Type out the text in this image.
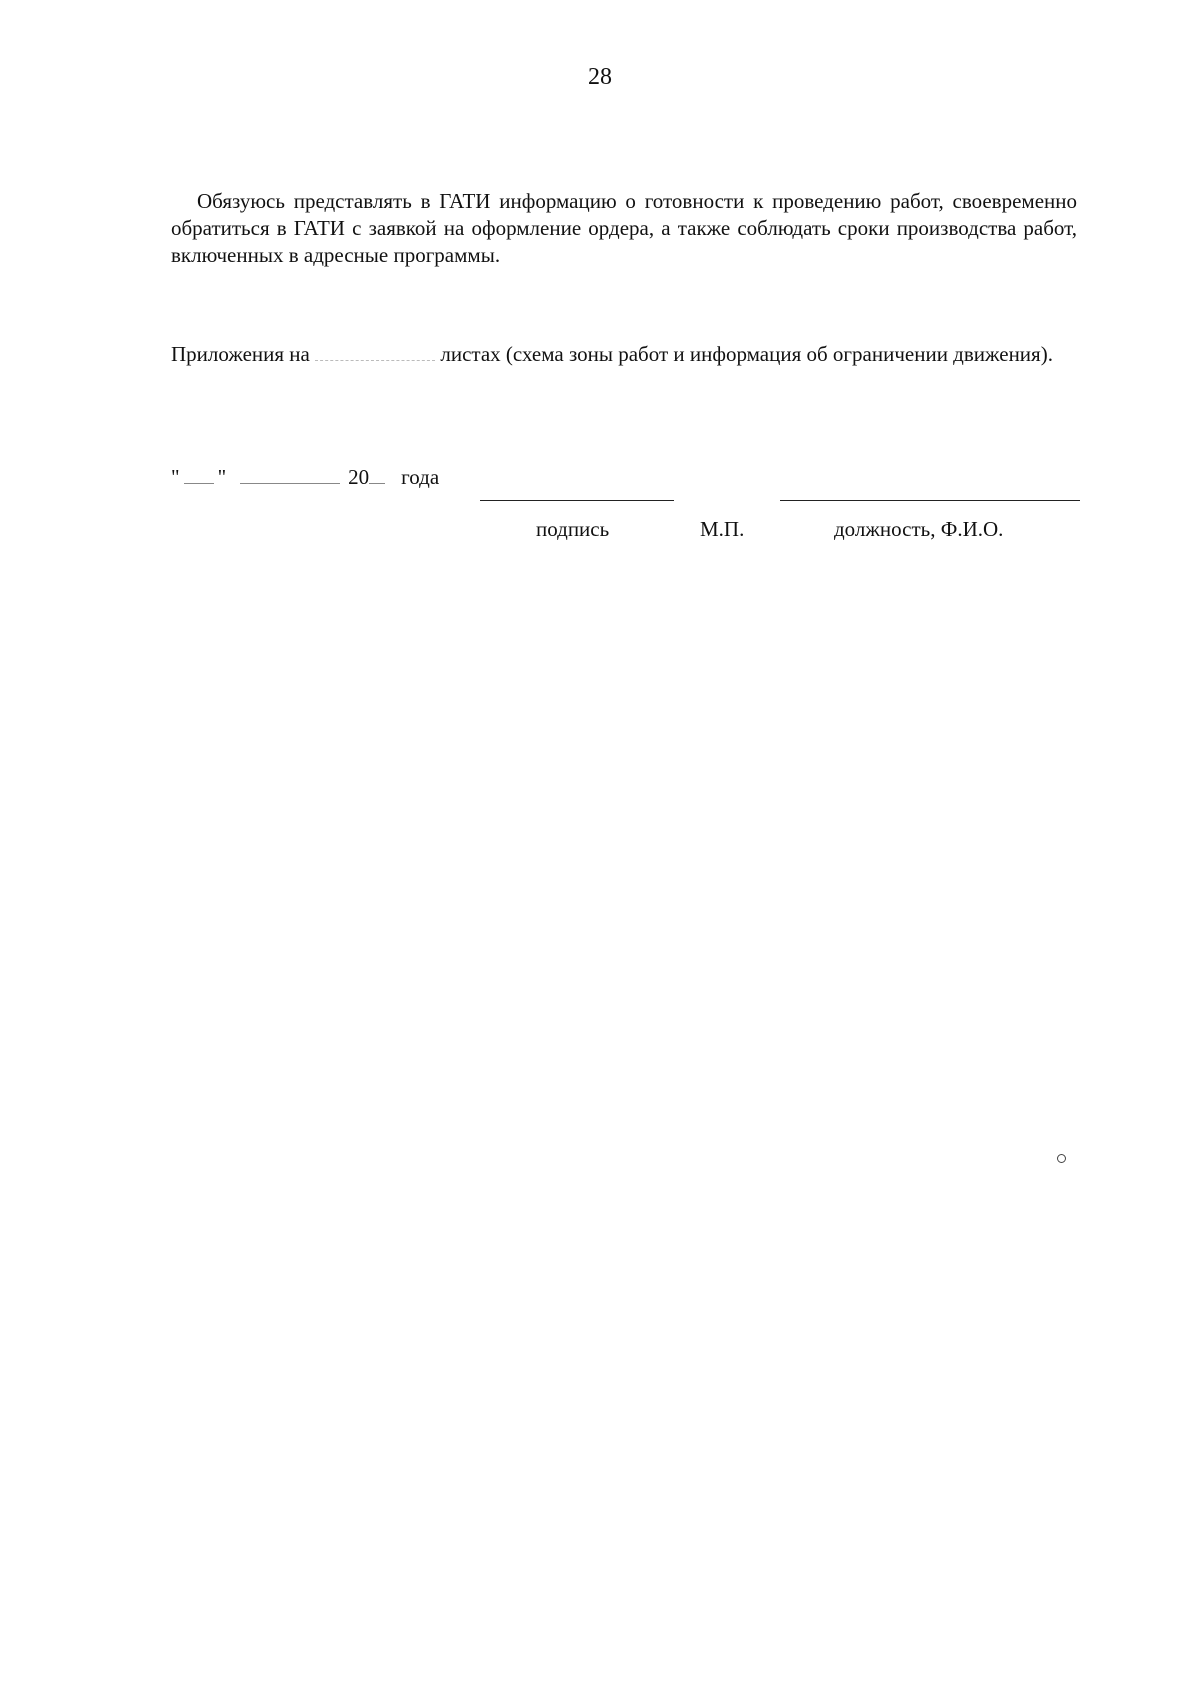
28
Обязуюсь представлять в ГАТИ информацию о готовности к проведению работ, своевременно обратиться в ГАТИ с заявкой на оформление ордера, а также соблюдать сроки производства работ, включенных в адресные программы.
Приложения на	листах (схема зоны работ и информация об ограничении движения).
" "	20 года
подпись	М.П.	должность, Ф.И.О.
